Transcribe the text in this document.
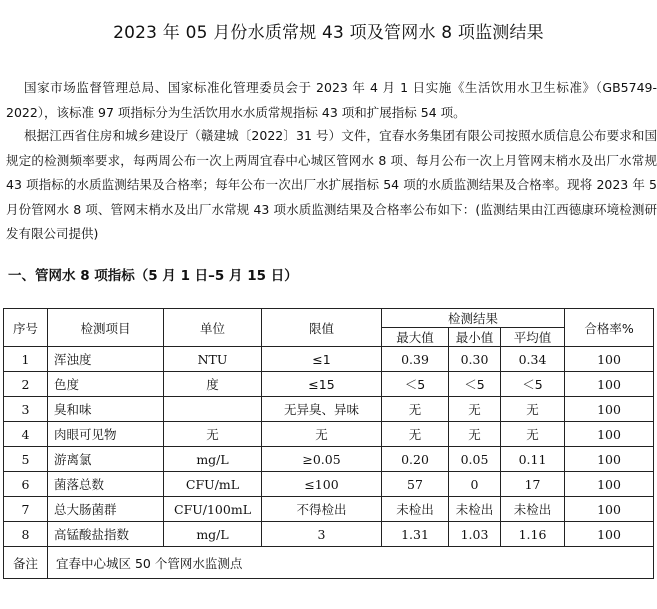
2023 年 05 月份水质常规 43 项及管网水 8 项监测结果

国家市场监督管理总局、国家标准化管理委员会于 2023 年 4 月 1 日实施《生活饮用水卫生标准》（GB5749-2022），该标准 97 项指标分为生活饮用水水质常规指标 43 项和扩展指标 54 项。

根据江西省住房和城乡建设厅（赣建城〔2022〕31 号）文件，宜春水务集团有限公司按照水质信息公布要求和国规定的检测频率要求，每两周公布一次上两周宜春中心城区管网水 8 项、每月公布一次上月管网末梢水及出厂水常规 43 项指标的水质监测结果及合格率；每年公布一次出厂水扩展指标 54 项的水质监测结果及合格率。现将 2023 年 5 月份管网水 8 项、管网末梢水及出厂水常规 43 项水质监测结果及合格率公布如下：(监测结果由江西德康环境检测研发有限公司提供)

一、管网水 8 项指标（5 月 1 日–5 月 15 日）
序号	检测项目	单位	限值	检测结果			合格率%
				最大值	最小值	平均值	
1	浑浊度	NTU	≤1	0.39	0.30	0.34	100
2	色度	度	≤15	＜5	＜5	＜5	100
3	臭和味		无异臭、异味	无	无	无	100
4	肉眼可见物	无	无	无	无	无	100
5	游离氯	mg/L	≥0.05	0.20	0.05	0.11	100
6	菌落总数	CFU/mL	≤100	57	0	17	100
7	总大肠菌群	CFU/100mL	不得检出	未检出	未检出	未检出	100
8	高锰酸盐指数	mg/L	3	1.31	1.03	1.16	100
备注	宜春中心城区 50 个管网水监测点						
